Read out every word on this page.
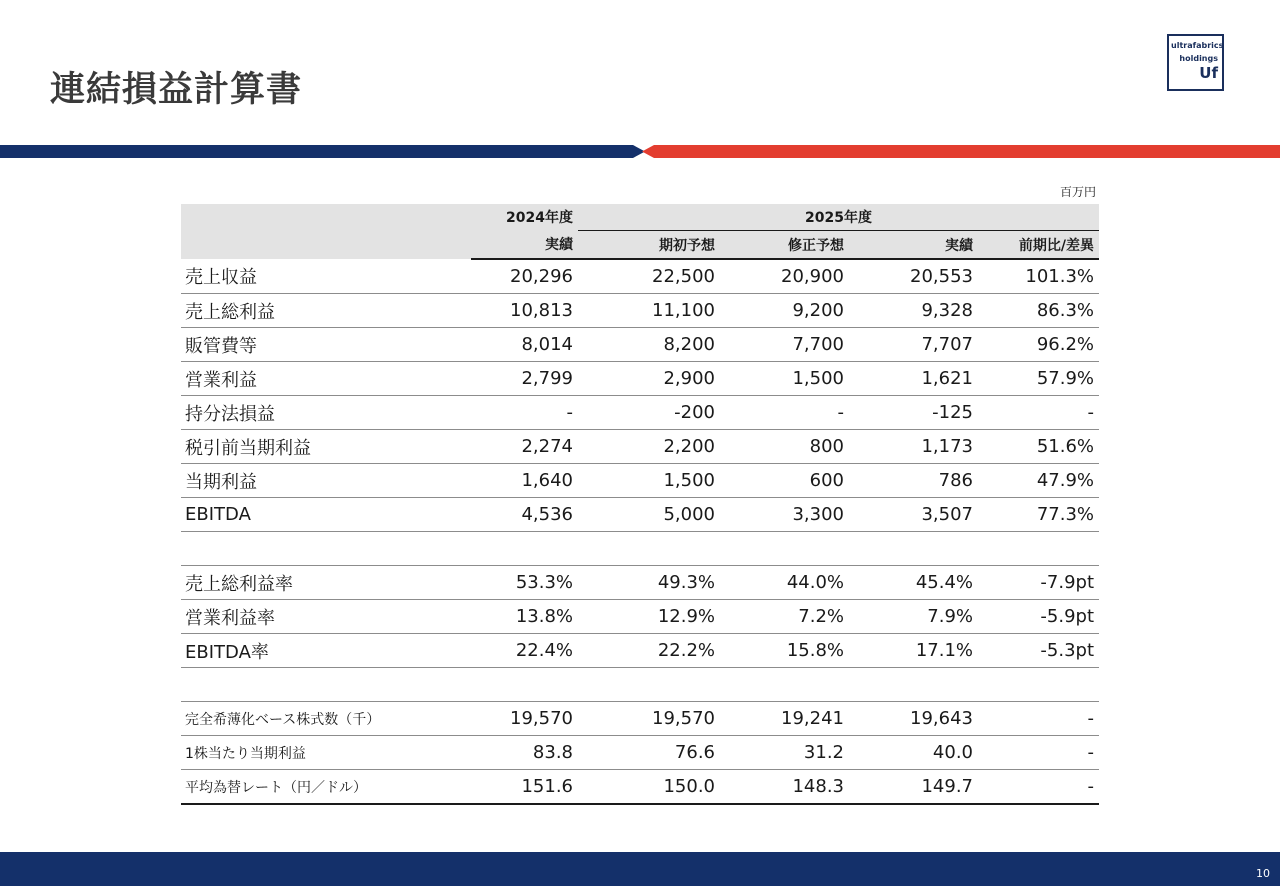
連結損益計算書
ultrafabrics
holdings
Uf
百万円
	2024年度	2025年度			
	実績	期初予想	修正予想	実績	前期比/差異
売上収益	20,296	22,500	20,900	20,553	101.3%
売上総利益	10,813	11,100	9,200	9,328	86.3%
販管費等	8,014	8,200	7,700	7,707	96.2%
営業利益	2,799	2,900	1,500	1,621	57.9%
持分法損益	-	-200	-	-125	-
税引前当期利益	2,274	2,200	800	1,173	51.6%
当期利益	1,640	1,500	600	786	47.9%
EBITDA	4,536	5,000	3,300	3,507	77.3%

売上総利益率	53.3%	49.3%	44.0%	45.4%	-7.9pt
営業利益率	13.8%	12.9%	7.2%	7.9%	-5.9pt
EBITDA率	22.4%	22.2%	15.8%	17.1%	-5.3pt

完全希薄化ベース株式数（千）	19,570	19,570	19,241	19,643	-
1株当たり当期利益	83.8	76.6	31.2	40.0	-
平均為替レート（円／ドル）	151.6	150.0	148.3	149.7	-
10
